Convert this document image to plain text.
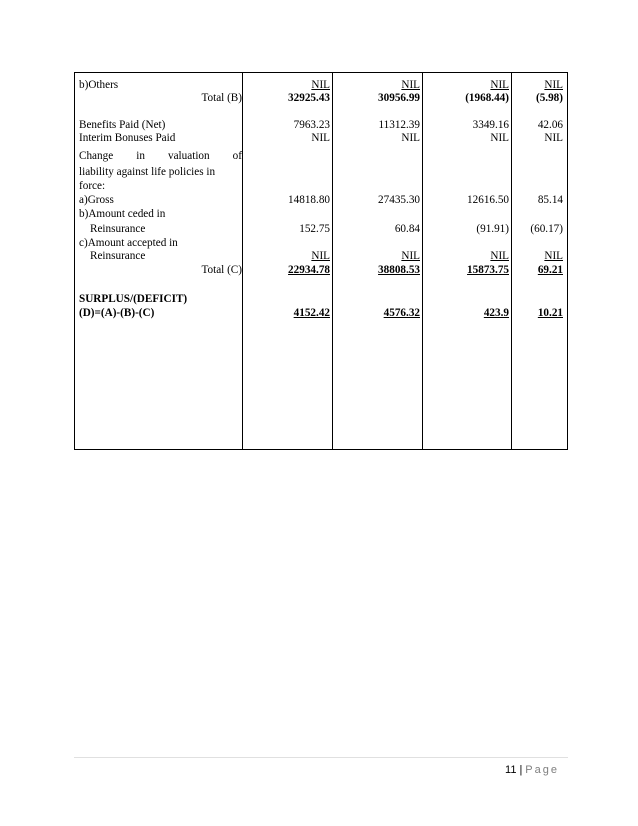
b)Others	NIL	NIL	NIL	NIL
Total (B)	32925.43	30956.99	(1968.44)	(5.98)
Benefits Paid (Net)	7963.23	11312.39	3349.16	42.06
Interim Bonuses Paid	NIL	NIL	NIL	NIL
Change in valuation of
liability against life policies in
force:
a)Gross	14818.80	27435.30	12616.50	85.14
b)Amount ceded in
Reinsurance	152.75	60.84	(91.91)	(60.17)
c)Amount accepted in
Reinsurance	NIL	NIL	NIL	NIL
Total (C)	22934.78	38808.53	15873.75	69.21
SURPLUS/(DEFICIT)
(D)=(A)-(B)-(C)	4152.42	4576.32	423.9	10.21
11 | Page
